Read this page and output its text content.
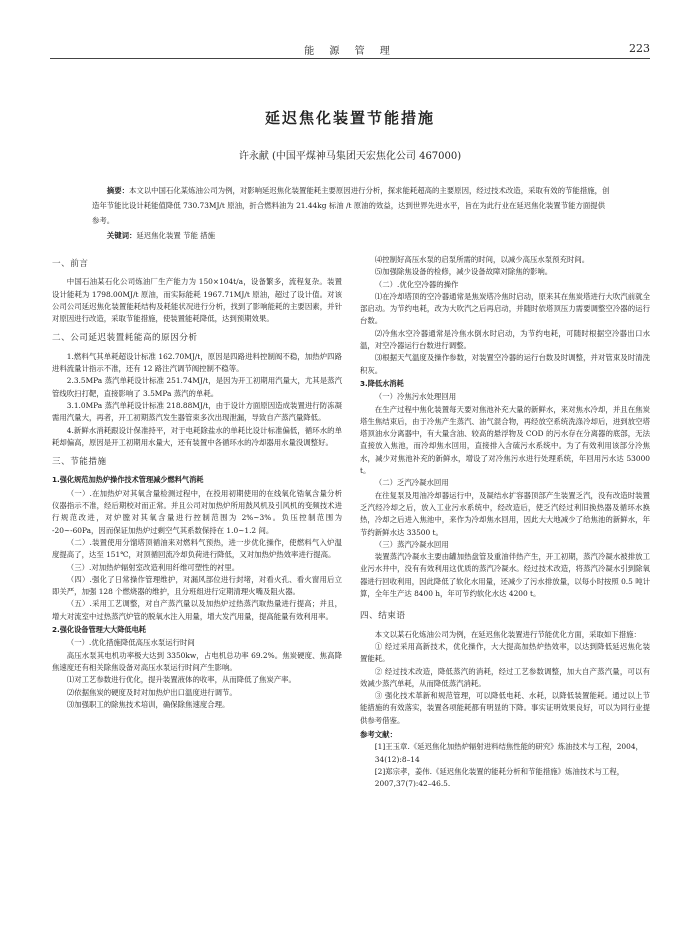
能 源 管 理	223
延迟焦化装置节能措施
许永献 (中国平煤神马集团天宏焦化公司 467000)
摘要：本文以中国石化某炼油公司为例，对影响延迟焦化装置能耗主要原因进行分析，探求能耗超高的主要原因，经过技术改造，采取有效的节能措施，创造年节能比设计耗能值降低 730.73MJ/t 原油，折合燃料油为 21.44kg 标油 /t 原油的效益，达到世界先进水平，旨在为此行业在延迟焦化装置节能方面提供参考。
关键词：延迟焦化装置 节能 措施
一、前言

中国石油某石化公司炼油厂生产能力为 150×104t/a，设备繁多，流程复杂。装置设计能耗为 1798.00MJ/t 原油，而实际能耗 1967.71MJ/t 原油，超过了设计值。对该公司公司延迟焦化装置能耗结构及耗能状况进行分析，找到了影响能耗的主要因素，并针对原因进行改造，采取节能措施，使装置能耗降低，达到预期效果。

二、公司延迟装置耗能高的原因分析

1.燃料气其单耗超设计标准 162.70MJ/t，原因是四路进料控制阀不稳，加热炉四路进料流量计指示不准，还有 12 路注汽调节阀控制不稳等。

2.3.5MPa 蒸汽单耗设计标准 251.74MJ/t，是因为开工初期用汽量大，尤其是蒸汽管线吹扫打靶，直接影响了 3.5MPa 蒸汽的单耗。

3.1.0MPa 蒸汽单耗设计标准 218.88MJ/t，由于设计方面原因造成装置进行防冻凝需用汽量大，再者，开工初期蒸汽发生器管束多次出现泄漏，导致自产蒸汽量降低。

4.新鲜水消耗跟设计保准持平，对于电耗除盐水的单耗比设计标准偏低，循环水的单耗却偏高，原因是开工初期用水量大，还有装置中各循环水的冷却器用水量没调整好。

三、节能措施
1.强化规范加热炉操作技术管理减少燃料气消耗

（一）.在加热炉对其氧含量检测过程中，在投用初期使用的在线氧化锆氧含量分析仪器指示不准，经后期校对而正常。并且公司对加热炉所用鼓风机及引风机的变频技术进行规范改进，对炉膛对其氧含量进行控制范围为 2%~3%。负压控制范围为 -20~-60Pa，因而保证加热炉过剩空气其系数保持在 1.0~1.2 间。

（二）.装置使用分馏塔顶循油来对燃料气预热，进一步优化操作，使燃料气入炉温度提高了，达至 151℃，对顶循回流冷却负荷进行降低，又对加热炉热效率进行提高。

（三）.对加热炉辐射室改造利用纤维可塑性的衬里。

（四）.强化了日常操作管理维护，对漏风部位进行封堵，对看火孔、看火窗用后立即关严，加强 128 个燃烧器的维护，且分班组进行定期清理火嘴及阻火器。

（五）.采用工艺调整，对自产蒸汽量以及加热炉过热蒸汽取热量进行提高；并且，增大对流室中过热蒸汽炉管的脱氧水注入用量，增大发汽用量，提高能量有效利用率。

2.强化设备管理大大降低电耗

（一）.优化措施降低高压水泵运行时间

高压水泵其电机功率极大达到 3350kw，占电机总功率 69.2%。焦炭硬度、焦高降焦速度还有相关除焦设备对高压水泵运行时间产生影响。

⑴对工艺参数进行优化，提升装置液体的收率，从而降低了焦炭产率。

⑵依据焦炭的硬度及时对加热炉出口温度进行调节。

⑶加强职工的除焦技术培训，确保除焦速度合理。

⑷控制好高压水泵的启泵所需的时间，以减少高压水泵预充时间。

⑸加强除焦设备的检修，减少设备故障对除焦的影响。

（二）.优化空冷器的操作

⑴在冷却塔顶的空冷器通常是焦炭塔冷焦时启动，原来其在焦炭塔进行大吹汽前就全部启动。为节约电耗，改为大吹汽之后再启动，并随时依塔顶压力需要调整空冷器的运行台数。

⑵冷焦水空冷器通常是冷焦水倒水时启动，为节约电耗，可随时根据空冷器出口水温，对空冷器运行台数进行调整。

⑶根据天气温度及操作参数，对装置空冷器的运行台数及时调整，并对管束及时清洗积灰。

3.降低水消耗

（一）冷焦污水处理回用

在生产过程中焦化装置每天要对焦池补充大量的新鲜水，来对焦水冷却，并且在焦炭塔生焦结束后，由于冷焦产生蒸汽、油气混合物，再经放空系统洗涤冷却后，进到放空塔塔顶油水分离器中，有大量含油、较高的悬浮物及 COD 的污水存在分离器的底部，无法直接放入焦池，而冷却焦水回用，直接排入含硫污水系统中。为了有效利用该部分冷焦水，减少对焦池补充的新鲜水，增设了对冷焦污水进行处理系统，年回用污水达 53000 t。

（二）乏汽冷凝水回用

在往复泵及甩油冷却器运行中，及凝结水扩容器顶部产生装置乏汽，没有改造时装置乏汽经冷却之后，放入工业污水系统中，经改造后，使乏汽经过利旧换热器及循环水换热，冷却之后进入焦池中，来作为冷却焦水回用，因此大大地减少了给焦池的新鲜水，年节约新鲜水达 33500 t。

（三）蒸汽冷凝水回用

装置蒸汽冷凝水主要由罐加热盘管及重油伴热产生，开工初期，蒸汽冷凝水被排放工业污水井中，没有有效利用这优质的蒸汽冷凝水。经过技术改造，将蒸汽冷凝水引到除氧器进行回收利用，因此降低了软化水用量，还减少了污水排放量，以每小时按照 0.5 吨计算，全年生产达 8400 h，年可节约软化水达 4200 t。

四、结束语

本文以某石化炼油公司为例，在延迟焦化装置进行节能优化方面，采取如下措施：

① 经过采用高新技术，优化操作，大大提高加热炉热效率，以达到降低延迟焦化装置能耗。

② 经过技术改造，降低蒸汽的消耗，经过工艺参数调整，加大自产蒸汽量，可以有效减少蒸汽单耗，从而降低蒸汽消耗。

③ 强化技术革新和规范管理，可以降低电耗、水耗，以降低装置能耗。通过以上节能措施的有效落实，装置各项能耗都有明显的下降。事实证明效果良好，可以为同行业提供参考借鉴。

参考文献：

[1]王玉章.《延迟焦化加热炉辐射进料结焦性能的研究》炼油技术与工程，2004，34(12):8–14

[2]郑宗孝，姜伟.《延迟焦化装置的能耗分析和节能措施》炼油技术与工程，2007,37(7):42–46.5.
